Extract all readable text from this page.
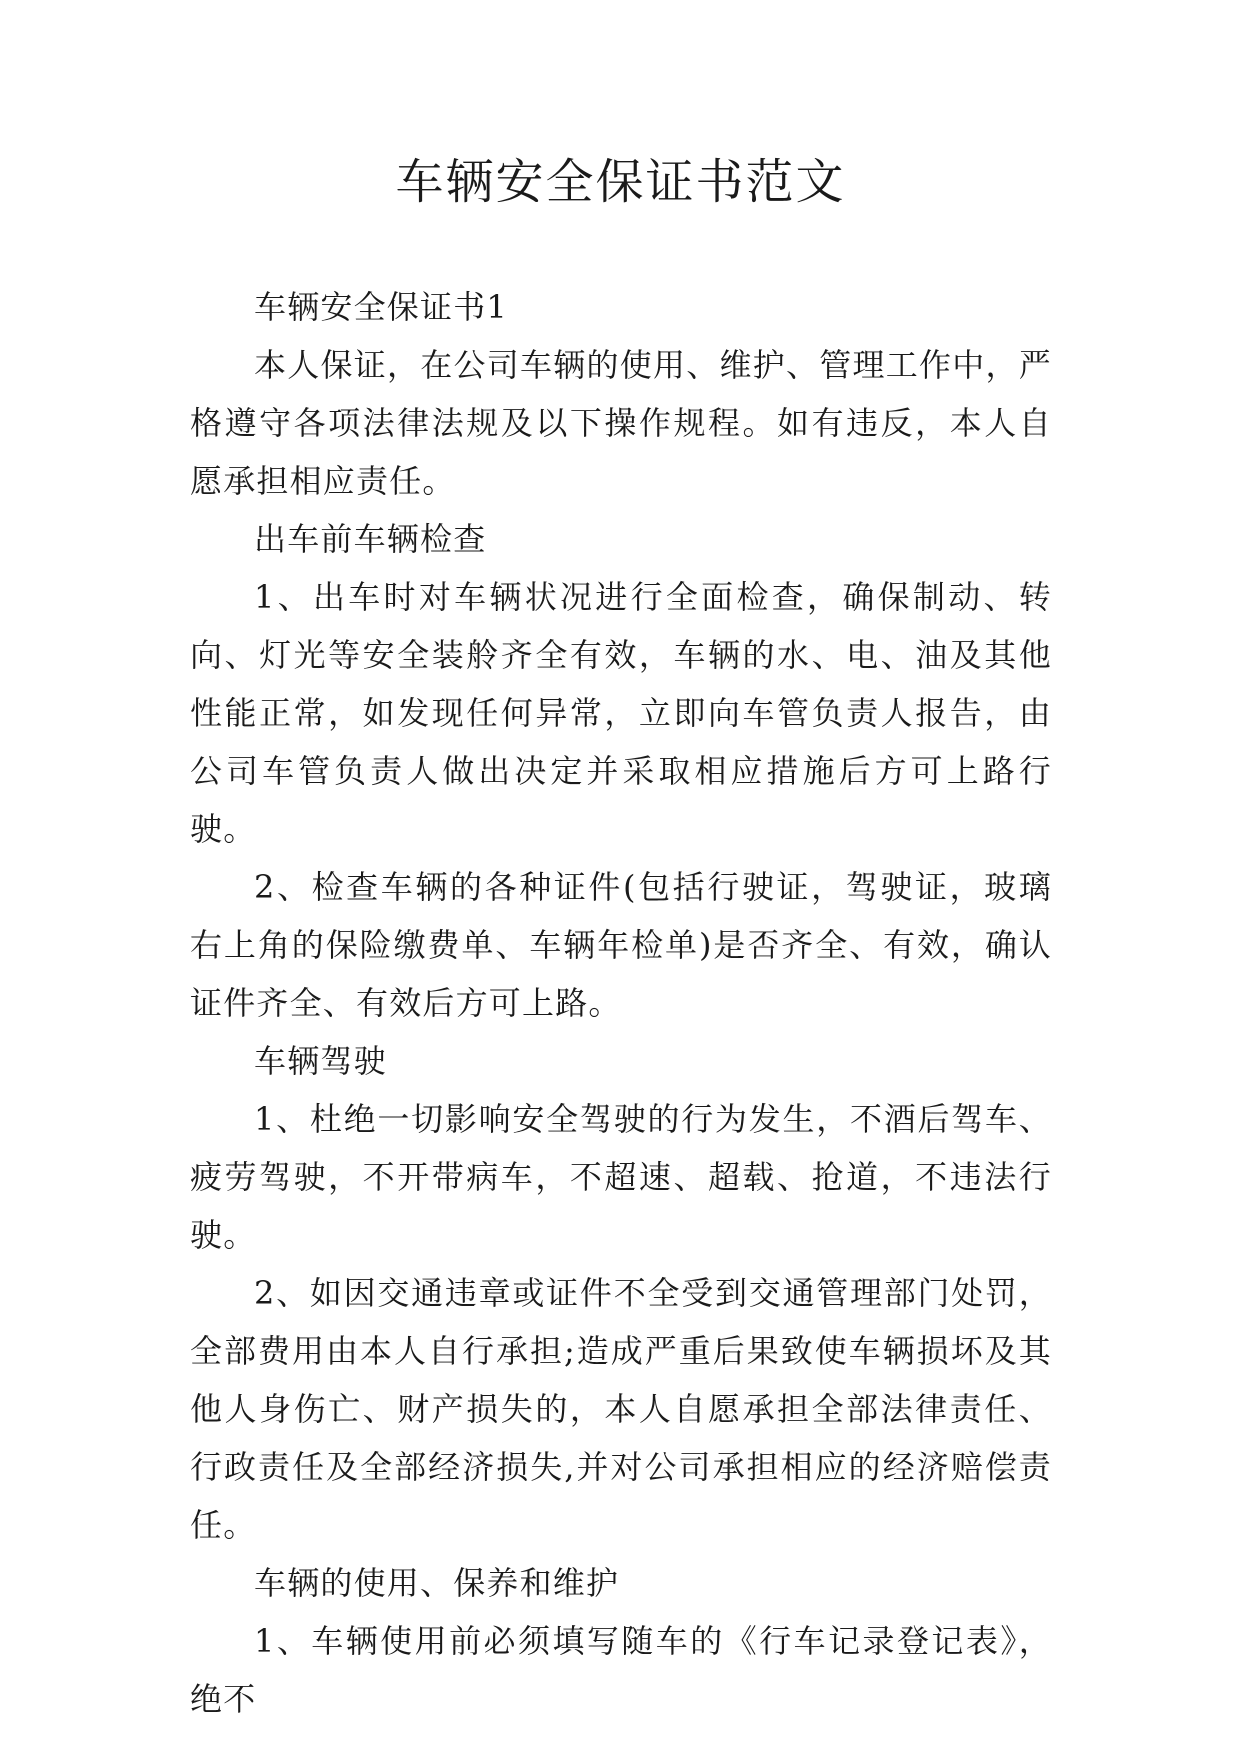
车辆安全保证书范文

车辆安全保证书1

本人保证，在公司车辆的使用、维护、管理工作中，严格遵守各项法律法规及以下操作规程。如有违反，本人自愿承担相应责任。

出车前车辆检查

1、出车时对车辆状况进行全面检查，确保制动、转向、灯光等安全装舲齐全有效，车辆的水、电、油及其他性能正常，如发现任何异常，立即向车管负责人报告，由公司车管负责人做出决定并采取相应措施后方可上路行驶。

2、检查车辆的各种证件(包括行驶证，驾驶证，玻璃右上角的保险缴费单、车辆年检单)是否齐全、有效，确认证件齐全、有效后方可上路。

车辆驾驶

1、杜绝一切影响安全驾驶的行为发生，不酒后驾车、疲劳驾驶，不开带病车，不超速、超载、抢道，不违法行驶。

2、如因交通违章或证件不全受到交通管理部门处罚，全部费用由本人自行承担;造成严重后果致使车辆损坏及其他人身伤亡、财产损失的，本人自愿承担全部法律责任、行政责任及全部经济损失,并对公司承担相应的经济赔偿责任。

车辆的使用、保养和维护

1、车辆使用前必须填写随车的《行车记录登记表》，绝不
